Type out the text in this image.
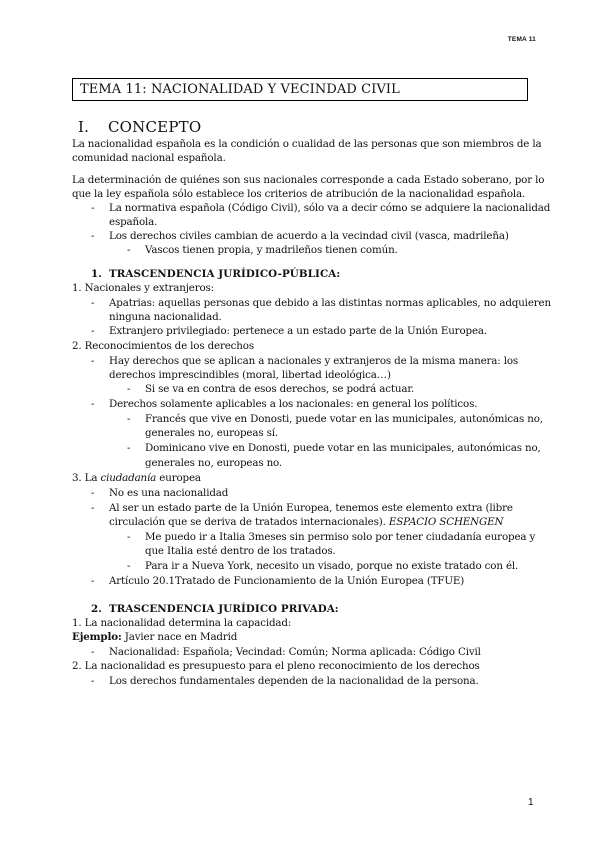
TEMA 11
TEMA 11: NACIONALIDAD Y VECINDAD CIVIL
I. CONCEPTO
La nacionalidad española es la condición o cualidad de las personas que son miembros de la
comunidad nacional española.
La determinación de quiénes son sus nacionales corresponde a cada Estado soberano, por lo
que la ley española sólo establece los criterios de atribución de la nacionalidad española.
- La normativa española (Código Civil), sólo va a decir cómo se adquiere la nacionalidad
española.
- Los derechos civiles cambian de acuerdo a la vecindad civil (vasca, madrileña)
- Vascos tienen propia, y madrileños tienen común.
1. TRASCENDENCIA JURÍDICO-PÚBLICA:
1. Nacionales y extranjeros:
- Apatrias: aquellas personas que debido a las distintas normas aplicables, no adquieren
ninguna nacionalidad.
- Extranjero privilegiado: pertenece a un estado parte de la Unión Europea.
2. Reconocimientos de los derechos
- Hay derechos que se aplican a nacionales y extranjeros de la misma manera: los
derechos imprescindibles (moral, libertad ideológica…)
- Si se va en contra de esos derechos, se podrá actuar.
- Derechos solamente aplicables a los nacionales: en general los políticos.
- Francés que vive en Donosti, puede votar en las municipales, autonómicas no,
generales no, europeas sí.
- Dominicano vive en Donosti, puede votar en las municipales, autonómicas no,
generales no, europeas no.
3. La ciudadanía europea
- No es una nacionalidad
- Al ser un estado parte de la Unión Europea, tenemos este elemento extra (libre
circulación que se deriva de tratados internacionales). ESPACIO SCHENGEN
- Me puedo ir a Italia 3meses sin permiso solo por tener ciudadanía europea y
que Italia esté dentro de los tratados.
- Para ir a Nueva York, necesito un visado, porque no existe tratado con él.
- Artículo 20.1Tratado de Funcionamiento de la Unión Europea (TFUE)
2. TRASCENDENCIA JURÍDICO PRIVADA:
1. La nacionalidad determina la capacidad:
Ejemplo: Javier nace en Madrid
- Nacionalidad: Española; Vecindad: Común; Norma aplicada: Código Civil
2. La nacionalidad es presupuesto para el pleno reconocimiento de los derechos
- Los derechos fundamentales dependen de la nacionalidad de la persona.
1
